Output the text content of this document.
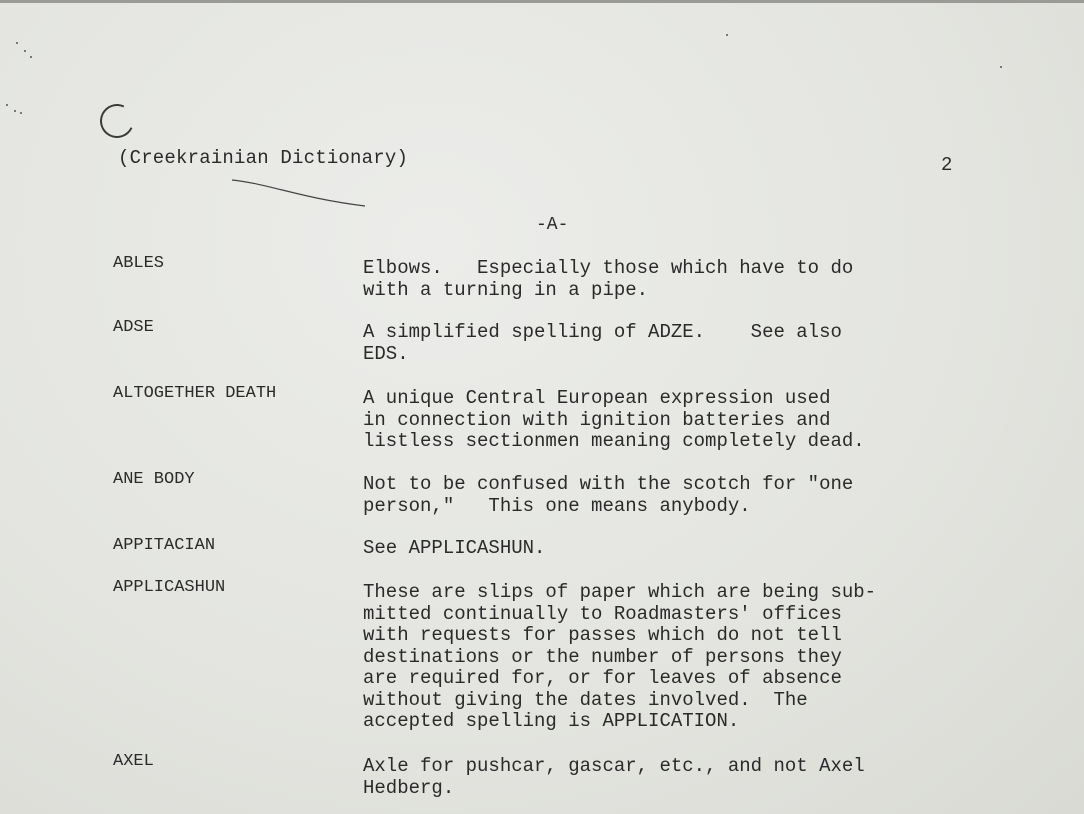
(Creekrainian Dictionary)	2
-A-
ABLES	Elbows.   Especially those which have to do
with a turning in a pipe.
ADSE	A simplified spelling of ADZE.    See also
EDS.
ALTOGETHER DEATH	A unique Central European expression used
in connection with ignition batteries and
listless sectionmen meaning completely dead.
ANE BODY	Not to be confused with the scotch for "one
person,"   This one means anybody.
APPITACIAN	See APPLICASHUN.
APPLICASHUN	These are slips of paper which are being sub-
mitted continually to Roadmasters' offices
with requests for passes which do not tell
destinations or the number of persons they
are required for, or for leaves of absence
without giving the dates involved.  The
accepted spelling is APPLICATION.
AXEL	Axle for pushcar, gascar, etc., and not Axel
Hedberg.
